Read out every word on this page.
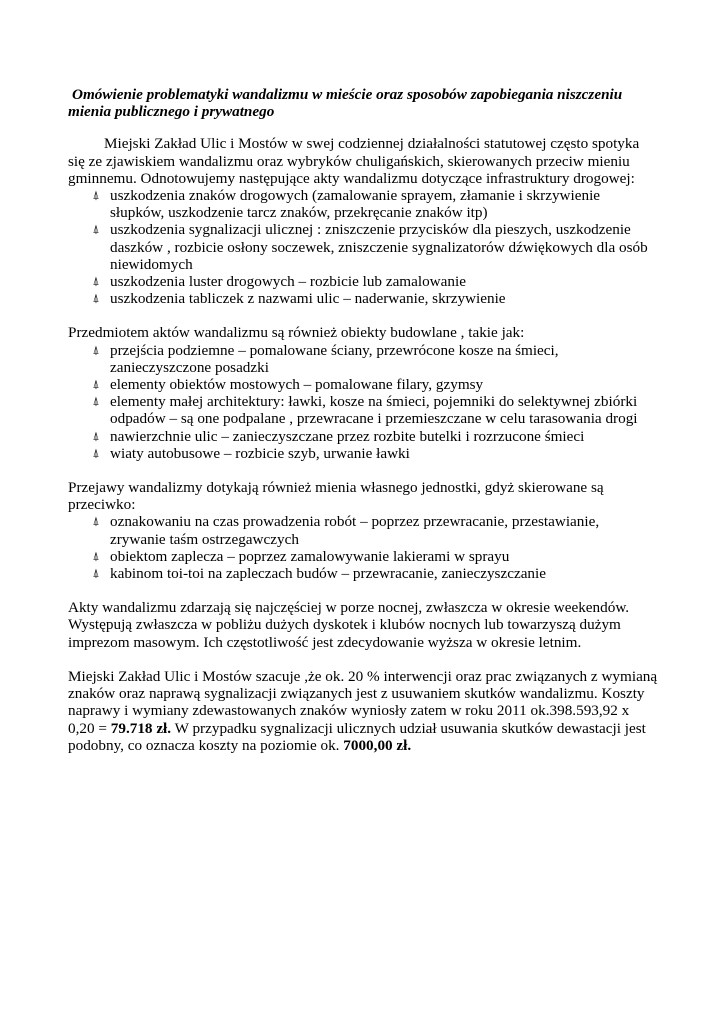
Omówienie problematyki wandalizmu w mieście oraz sposobów zapobiegania niszczeniu mienia publicznego i prywatnego

Miejski Zakład Ulic i Mostów w swej codziennej działalności statutowej często spotyka się ze zjawiskiem wandalizmu oraz wybryków chuligańskich, skierowanych przeciw mieniu gminnemu. Odnotowujemy następujące akty wandalizmu dotyczące infrastruktury drogowej:

⍋ uszkodzenia znaków drogowych (zamalowanie sprayem, złamanie i skrzywienie słupków, uszkodzenie tarcz znaków, przekręcanie znaków itp)
⍋ uszkodzenia sygnalizacji ulicznej : zniszczenie przycisków dla pieszych, uszkodzenie daszków , rozbicie osłony soczewek, zniszczenie sygnalizatorów dźwiękowych dla osób niewidomych
⍋ uszkodzenia luster drogowych – rozbicie lub zamalowanie
⍋ uszkodzenia tabliczek z nazwami ulic – naderwanie, skrzywienie

Przedmiotem aktów wandalizmu są również obiekty budowlane , takie jak:

⍋ przejścia podziemne – pomalowane ściany, przewrócone kosze na śmieci, zanieczyszczone posadzki
⍋ elementy obiektów mostowych – pomalowane filary, gzymsy
⍋ elementy małej architektury: ławki, kosze na śmieci, pojemniki do selektywnej zbiórki odpadów – są one podpalane , przewracane i przemieszczane w celu tarasowania drogi
⍋ nawierzchnie ulic – zanieczyszczane przez rozbite butelki i rozrzucone śmieci
⍋ wiaty autobusowe – rozbicie szyb, urwanie ławki

Przejawy wandalizmy dotykają również mienia własnego jednostki, gdyż skierowane są przeciwko:

⍋ oznakowaniu na czas prowadzenia robót – poprzez przewracanie, przestawianie, zrywanie taśm ostrzegawczych
⍋ obiektom zaplecza – poprzez zamalowywanie lakierami w sprayu
⍋ kabinom toi-toi na zapleczach budów – przewracanie, zanieczyszczanie

Akty wandalizmu zdarzają się najczęściej w porze nocnej, zwłaszcza w okresie weekendów. Występują zwłaszcza w pobliżu dużych dyskotek i klubów nocnych lub towarzyszą dużym imprezom masowym. Ich częstotliwość jest zdecydowanie wyższa w okresie letnim.

Miejski Zakład Ulic i Mostów szacuje ,że ok. 20 % interwencji oraz prac związanych z wymianą znaków oraz naprawą sygnalizacji związanych jest z usuwaniem skutków wandalizmu. Koszty naprawy i wymiany zdewastowanych znaków wyniosły zatem w roku 2011 ok.398.593,92 x 0,20 = 79.718 zł. W przypadku sygnalizacji ulicznych udział usuwania skutków dewastacji jest podobny, co oznacza koszty na poziomie ok. 7000,00 zł.
